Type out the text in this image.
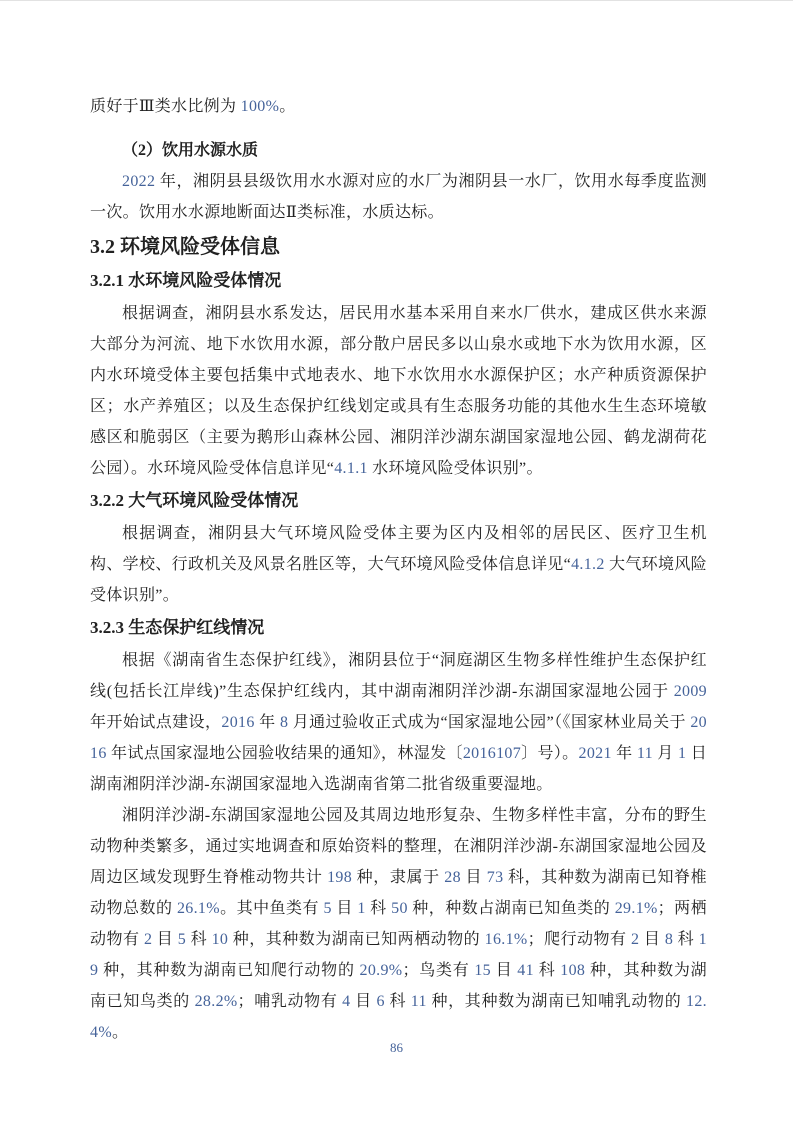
质好于Ⅲ类水比例为 100%。

（2）饮用水源水质

2022 年，湘阴县县级饮用水水源对应的水厂为湘阴县一水厂，饮用水每季度监测一次。饮用水水源地断面达Ⅱ类标准，水质达标。

3.2 环境风险受体信息
3.2.1 水环境风险受体情况

根据调查，湘阴县水系发达，居民用水基本采用自来水厂供水，建成区供水来源大部分为河流、地下水饮用水源，部分散户居民多以山泉水或地下水为饮用水源，区内水环境受体主要包括集中式地表水、地下水饮用水水源保护区；水产种质资源保护区；水产养殖区；以及生态保护红线划定或具有生态服务功能的其他水生生态环境敏感区和脆弱区（主要为鹅形山森林公园、湘阴洋沙湖东湖国家湿地公园、鹤龙湖荷花公园）。水环境风险受体信息详见“4.1.1 水环境风险受体识别”。

3.2.2 大气环境风险受体情况

根据调查，湘阴县大气环境风险受体主要为区内及相邻的居民区、医疗卫生机构、学校、行政机关及风景名胜区等，大气环境风险受体信息详见“4.1.2 大气环境风险受体识别”。

3.2.3 生态保护红线情况

根据《湖南省生态保护红线》，湘阴县位于“洞庭湖区生物多样性维护生态保护红线(包括长江岸线)”生态保护红线内，其中湖南湘阴洋沙湖-东湖国家湿地公园于 2009 年开始试点建设，2016 年 8 月通过验收正式成为“国家湿地公园”（《国家林业局关于 2016 年试点国家湿地公园验收结果的通知》，林湿发〔2016107〕号）。2021 年 11 月 1 日湖南湘阴洋沙湖-东湖国家湿地入选湖南省第二批省级重要湿地。

湘阴洋沙湖-东湖国家湿地公园及其周边地形复杂、生物多样性丰富，分布的野生动物种类繁多，通过实地调查和原始资料的整理，在湘阴洋沙湖-东湖国家湿地公园及周边区域发现野生脊椎动物共计 198 种，隶属于 28 目 73 科，其种数为湖南已知脊椎动物总数的 26.1%。其中鱼类有 5 目 1 科 50 种，种数占湖南已知鱼类的 29.1%；两栖动物有 2 目 5 科 10 种，其种数为湖南已知两栖动物的 16.1%；爬行动物有 2 目 8 科 19 种，其种数为湖南已知爬行动物的 20.9%；鸟类有 15 目 41 科 108 种，其种数为湖南已知鸟类的 28.2%；哺乳动物有 4 目 6 科 11 种，其种数为湖南已知哺乳动物的 12.4%。

86
